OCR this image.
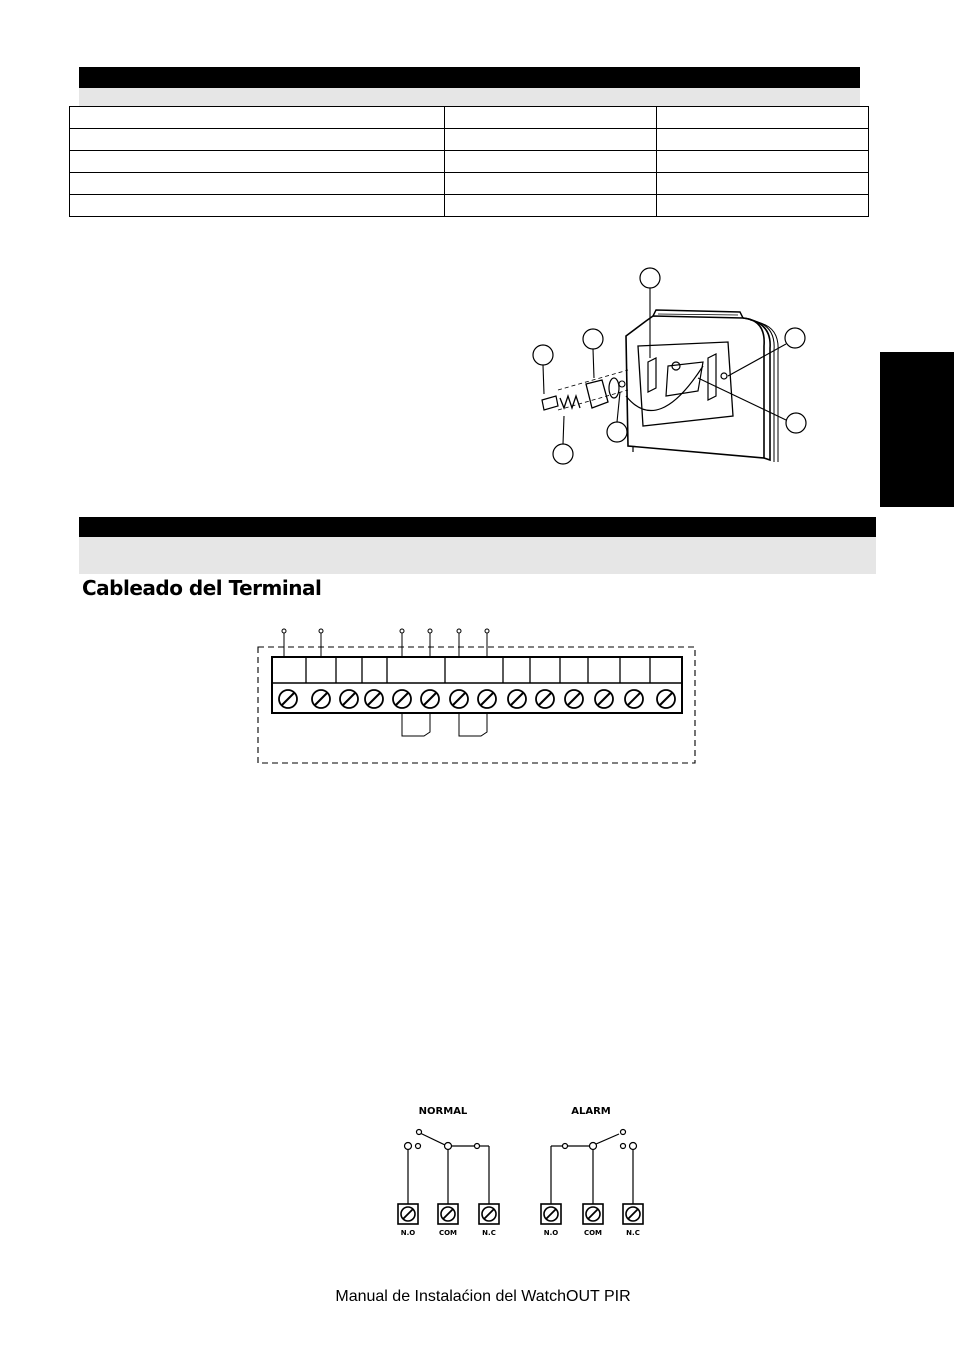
Cableado del Terminal
NORMAL	ALARM
N.O	COM	N.C	N.O	COM	N.C
Manual de Instalaćion del WatchOUT PIR
